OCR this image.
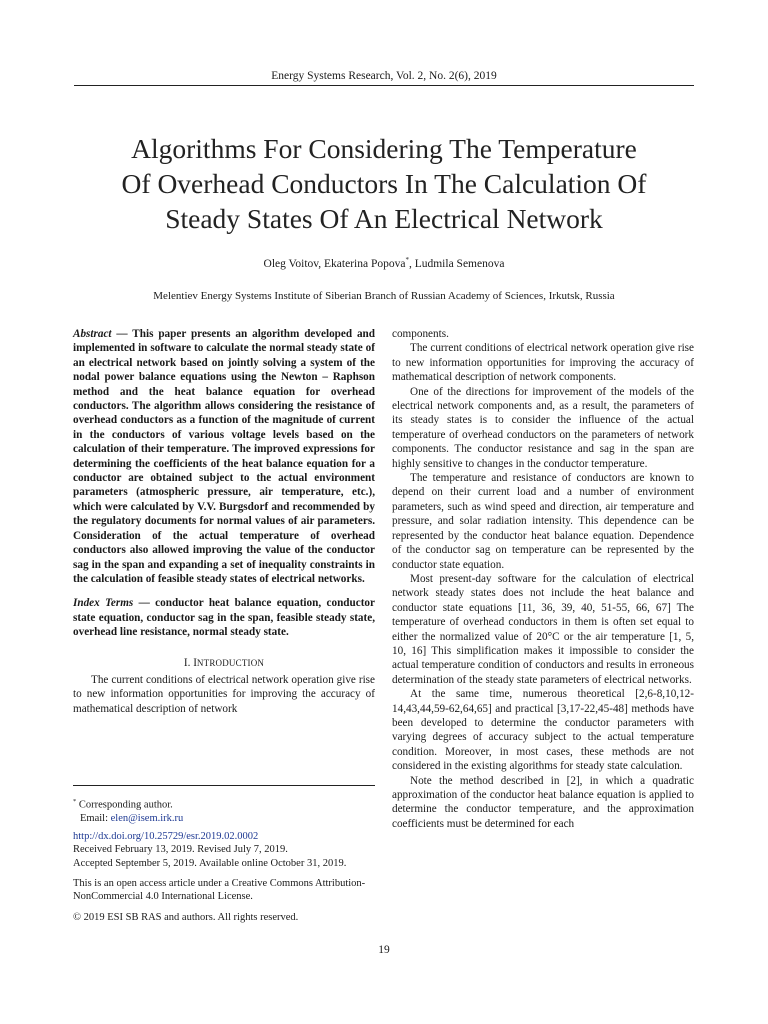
Energy Systems Research, Vol. 2, No. 2(6), 2019
Algorithms For Considering The Temperature
Of Overhead Conductors In The Calculation Of
Steady States Of An Electrical Network
Oleg Voitov, Ekaterina Popova*, Ludmila Semenova
Melentiev Energy Systems Institute of Siberian Branch of Russian Academy of Sciences, Irkutsk, Russia

Abstract — This paper presents an algorithm developed and implemented in software to calculate the normal steady state of an electrical network based on jointly solving a system of the nodal power balance equations using the Newton – Raphson method and the heat balance equation for overhead conductors. The algorithm allows considering the resistance of overhead conductors as a function of the magnitude of current in the conductors of various voltage levels based on the calculation of their temperature. The improved expressions for determining the coefficients of the heat balance equation for a conductor are obtained subject to the actual environment parameters (atmospheric pressure, air temperature, etc.), which were calculated by V.V. Burgsdorf and recommended by the regulatory documents for normal values of air parameters. Consideration of the actual temperature of overhead conductors also allowed improving the value of the conductor sag in the span and expanding a set of inequality constraints in the calculation of feasible steady states of electrical networks.

Index Terms — conductor heat balance equation, conductor state equation, conductor sag in the span, feasible steady state, overhead line resistance, normal steady state.

I. INTRODUCTION

The current conditions of electrical network operation give rise to new information opportunities for improving the accuracy of mathematical description of network

* Corresponding author.

Email: elen@isem.irk.ru

http://dx.doi.org/10.25729/esr.2019.02.0002

Received February 13, 2019. Revised July 7, 2019.

Accepted September 5, 2019. Available online October 31, 2019.

This is an open access article under a Creative Commons Attribution-NonCommercial 4.0 International License.

© 2019 ESI SB RAS and authors. All rights reserved.

components.

The current conditions of electrical network operation give rise to new information opportunities for improving the accuracy of mathematical description of network components.

One of the directions for improvement of the models of the electrical network components and, as a result, the parameters of its steady states is to consider the influence of the actual temperature of overhead conductors on the parameters of network components. The conductor resistance and sag in the span are highly sensitive to changes in the conductor temperature.

The temperature and resistance of conductors are known to depend on their current load and a number of environment parameters, such as wind speed and direction, air temperature and pressure, and solar radiation intensity. This dependence can be represented by the conductor heat balance equation. Dependence of the conductor sag on temperature can be represented by the conductor state equation.

Most present-day software for the calculation of electrical network steady states does not include the heat balance and conductor state equations [11, 36, 39, 40, 51-55, 66, 67] The temperature of overhead conductors in them is often set equal to either the normalized value of 20°C or the air temperature [1, 5, 10, 16] This simplification makes it impossible to consider the actual temperature condition of conductors and results in erroneous determination of the steady state parameters of electrical networks.

At the same time, numerous theoretical [2,6-8,10,12-14,43,44,59-62,64,65] and practical [3,17-22,45-48] methods have been developed to determine the conductor parameters with varying degrees of accuracy subject to the actual temperature condition. Moreover, in most cases, these methods are not considered in the existing algorithms for steady state calculation.

Note the method described in [2], in which a quadratic approximation of the conductor heat balance equation is applied to determine the conductor temperature, and the approximation coefficients must be determined for each

19
